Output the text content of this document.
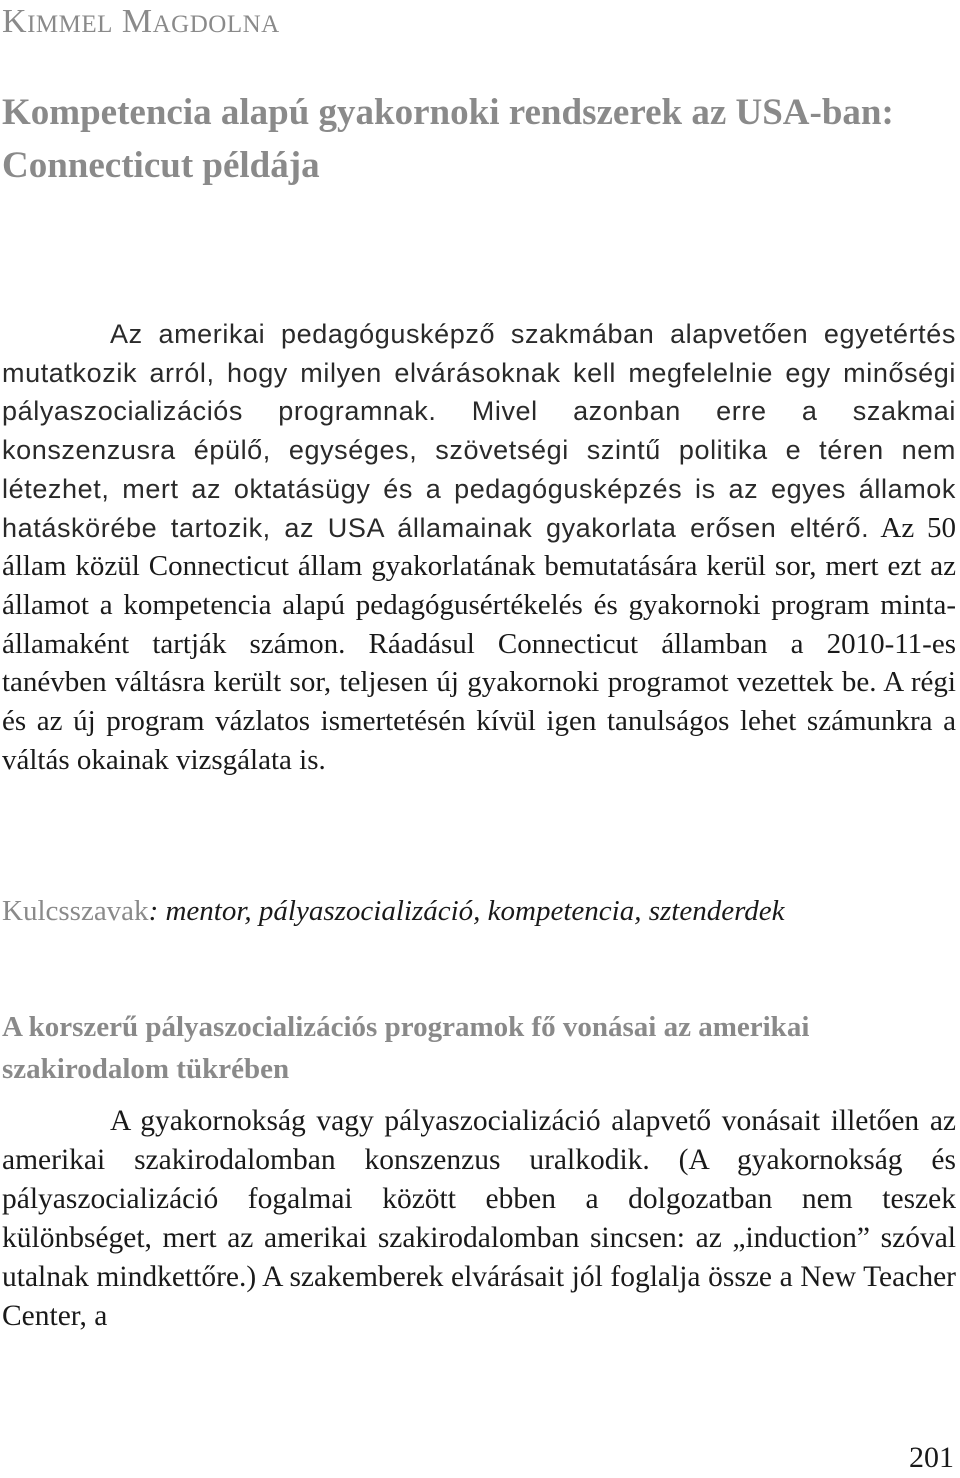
KIMMEL MAGDOLNA
Kompetencia alapú gyakornoki rendszerek az USA-ban: Connecticut példája
Az amerikai pedagógusképző szakmában alapvetően egyetértés mutatkozik arról, hogy milyen elvárásoknak kell megfelelnie egy minőségi pályaszocializációs programnak. Mivel azonban erre a szakmai konszenzusra épülő, egységes, szövetségi szintű politika e téren nem létezhet, mert az oktatásügy és a pedagógusképzés is az egyes államok hatáskörébe tartozik, az USA államainak gyakorlata erősen eltérő. Az 50 állam közül Connecticut állam gyakorlatának bemutatására kerül sor, mert ezt az államot a kompetencia alapú pedagógusértékelés és gyakornoki program minta-államaként tartják számon. Ráadásul Connecticut államban a 2010-11-es tanévben váltásra került sor, teljesen új gyakornoki programot vezettek be. A régi és az új program vázlatos ismertetésén kívül igen tanulságos lehet számunkra a váltás okainak vizsgálata is.
Kulcsszavak: mentor, pályaszocializáció, kompetencia, sztenderdek
A korszerű pályaszocializációs programok fő vonásai az amerikai szakirodalom tükrében
A gyakornokság vagy pályaszocializáció alapvető vonásait illetően az amerikai szakirodalomban konszenzus uralkodik. (A gyakornokság és pályaszocializáció fogalmai között ebben a dolgozatban nem teszek különbséget, mert az amerikai szakirodalomban sincsen: az „induction” szóval utalnak mindkettőre.) A szakemberek elvárásait jól foglalja össze a New Teacher Center, a
201
